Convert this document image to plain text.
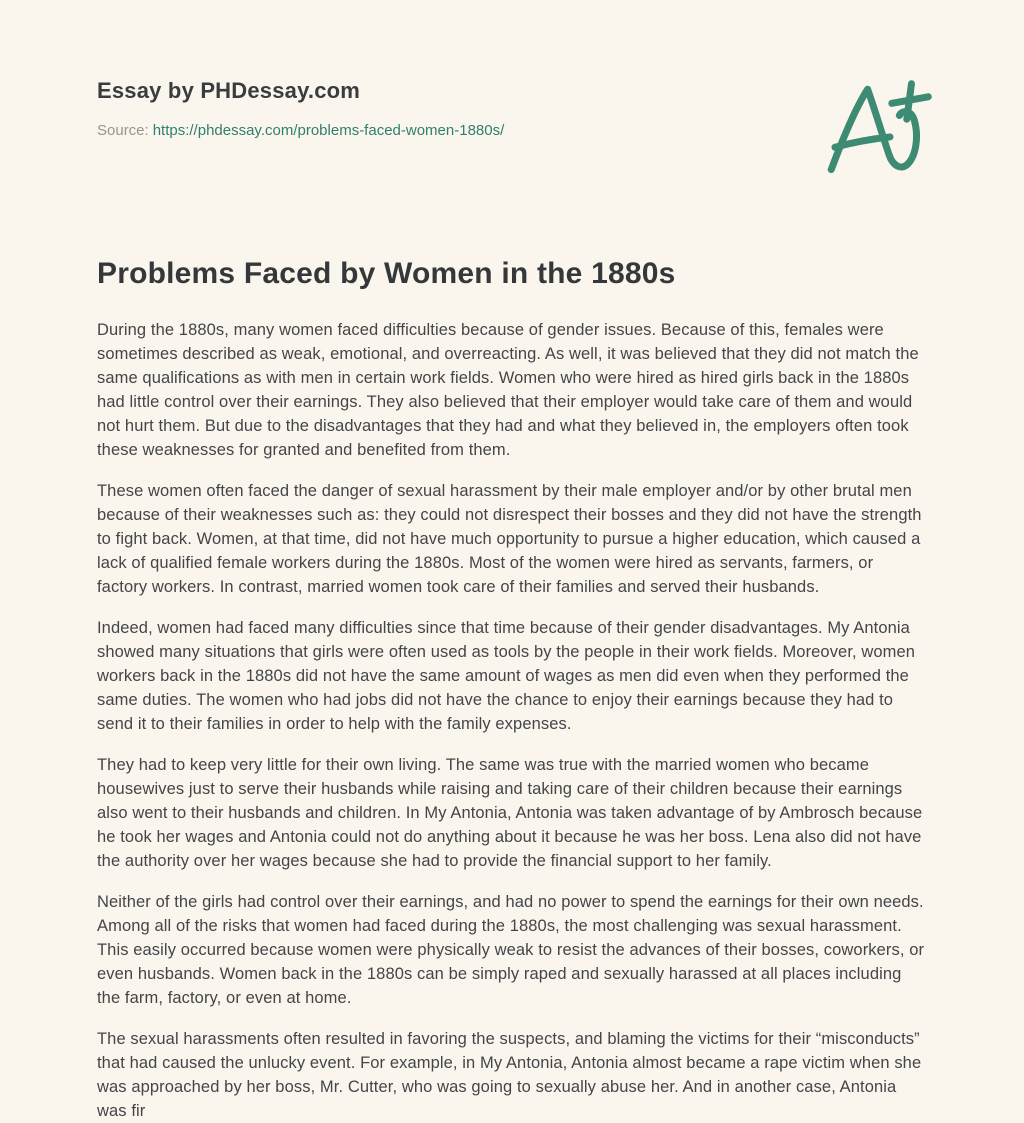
Essay by PHDessay.com
Source: https://phdessay.com/problems-faced-women-1880s/
Problems Faced by Women in the 1880s

During the 1880s, many women faced difficulties because of gender issues. Because of this, females were sometimes described as weak, emotional, and overreacting. As well, it was believed that they did not match the same qualifications as with men in certain work fields. Women who were hired as hired girls back in the 1880s had little control over their earnings. They also believed that their employer would take care of them and would not hurt them. But due to the disadvantages that they had and what they believed in, the employers often took these weaknesses for granted and benefited from them.

These women often faced the danger of sexual harassment by their male employer and/or by other brutal men because of their weaknesses such as: they could not disrespect their bosses and they did not have the strength to fight back. Women, at that time, did not have much opportunity to pursue a higher education, which caused a lack of qualified female workers during the 1880s. Most of the women were hired as servants, farmers, or factory workers. In contrast, married women took care of their families and served their husbands.

Indeed, women had faced many difficulties since that time because of their gender disadvantages. My Antonia showed many situations that girls were often used as tools by the people in their work fields. Moreover, women workers back in the 1880s did not have the same amount of wages as men did even when they performed the same duties. The women who had jobs did not have the chance to enjoy their earnings because they had to send it to their families in order to help with the family expenses.

They had to keep very little for their own living. The same was true with the married women who became housewives just to serve their husbands while raising and taking care of their children because their earnings also went to their husbands and children. In My Antonia, Antonia was taken advantage of by Ambrosch because he took her wages and Antonia could not do anything about it because he was her boss. Lena also did not have the authority over her wages because she had to provide the financial support to her family.

Neither of the girls had control over their earnings, and had no power to spend the earnings for their own needs. Among all of the risks that women had faced during the 1880s, the most challenging was sexual harassment. This easily occurred because women were physically weak to resist the advances of their bosses, coworkers, or even husbands. Women back in the 1880s can be simply raped and sexually harassed at all places including the farm, factory, or even at home.

The sexual harassments often resulted in favoring the suspects, and blaming the victims for their “misconducts” that had caused the unlucky event. For example, in My Antonia, Antonia almost became a rape victim when she was approached by her boss, Mr. Cutter, who was going to sexually abuse her. And in another case, Antonia was fir
